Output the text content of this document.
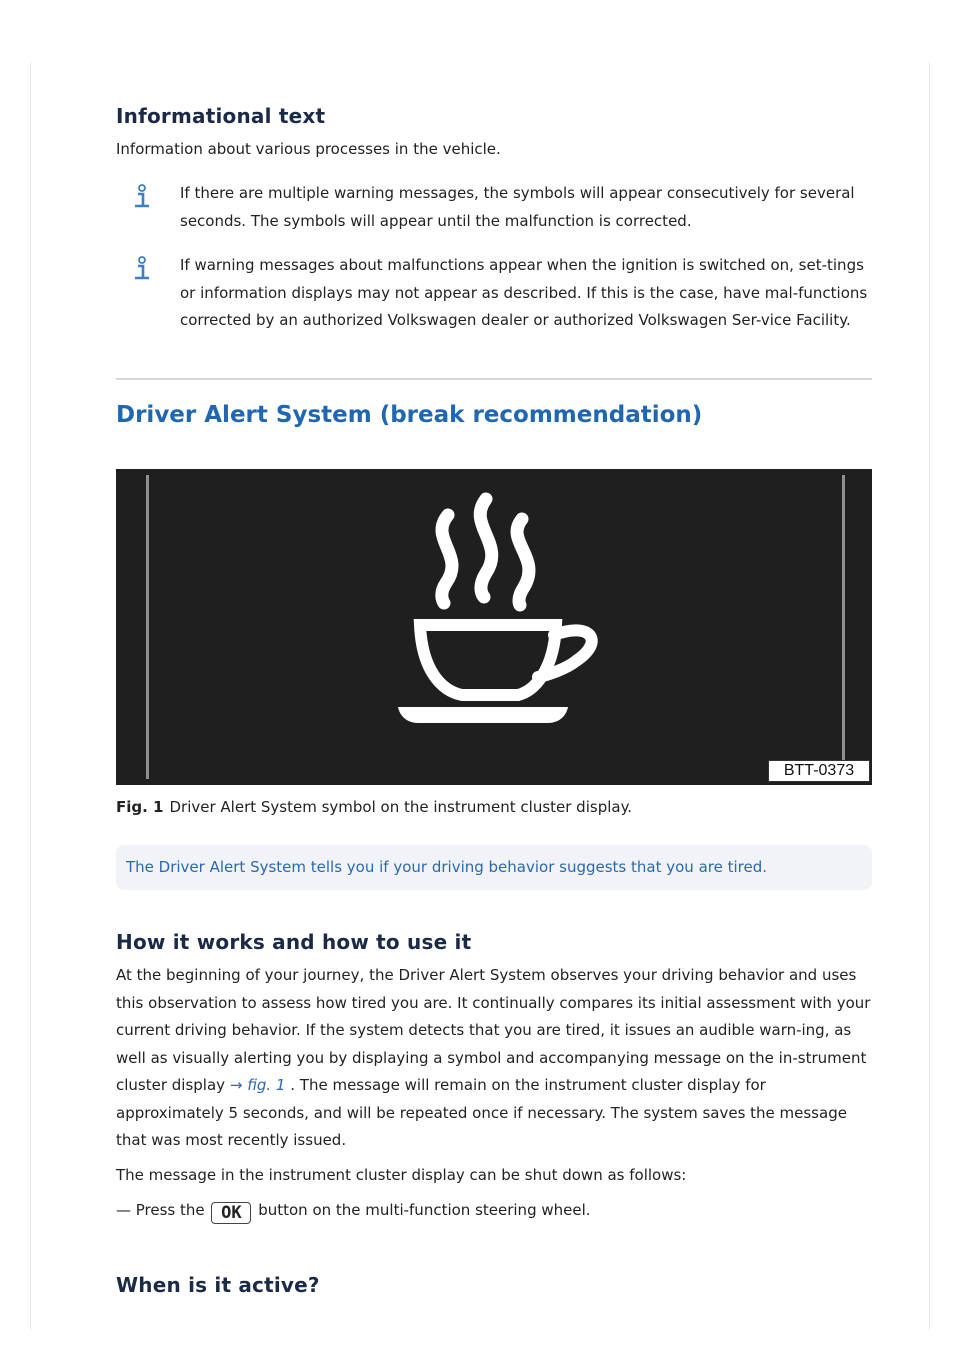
Informational text

Information about various processes in the vehicle.

If there are multiple warning messages, the symbols will appear consecutively for several seconds. The symbols will appear until the malfunction is corrected.

If warning messages about malfunctions appear when the ignition is switched on, set-tings or information displays may not appear as described. If this is the case, have mal-functions corrected by an authorized Volkswagen dealer or authorized Volkswagen Ser-vice Facility.

Driver Alert System (break recommendation)
BTT-0373

Fig. 1 Driver Alert System symbol on the instrument cluster display.

The Driver Alert System tells you if your driving behavior suggests that you are tired.
How it works and how to use it

At the beginning of your journey, the Driver Alert System observes your driving behavior and uses this observation to assess how tired you are. It continually compares its initial assessment with your current driving behavior. If the system detects that you are tired, it issues an audible warn-ing, as well as visually alerting you by displaying a symbol and accompanying message on the in-strument cluster display → fig. 1 . The message will remain on the instrument cluster display for approximately 5 seconds, and will be repeated once if necessary. The system saves the message that was most recently issued.

The message in the instrument cluster display can be shut down as follows:

— Press the OK button on the multi-function steering wheel.

When is it active?
